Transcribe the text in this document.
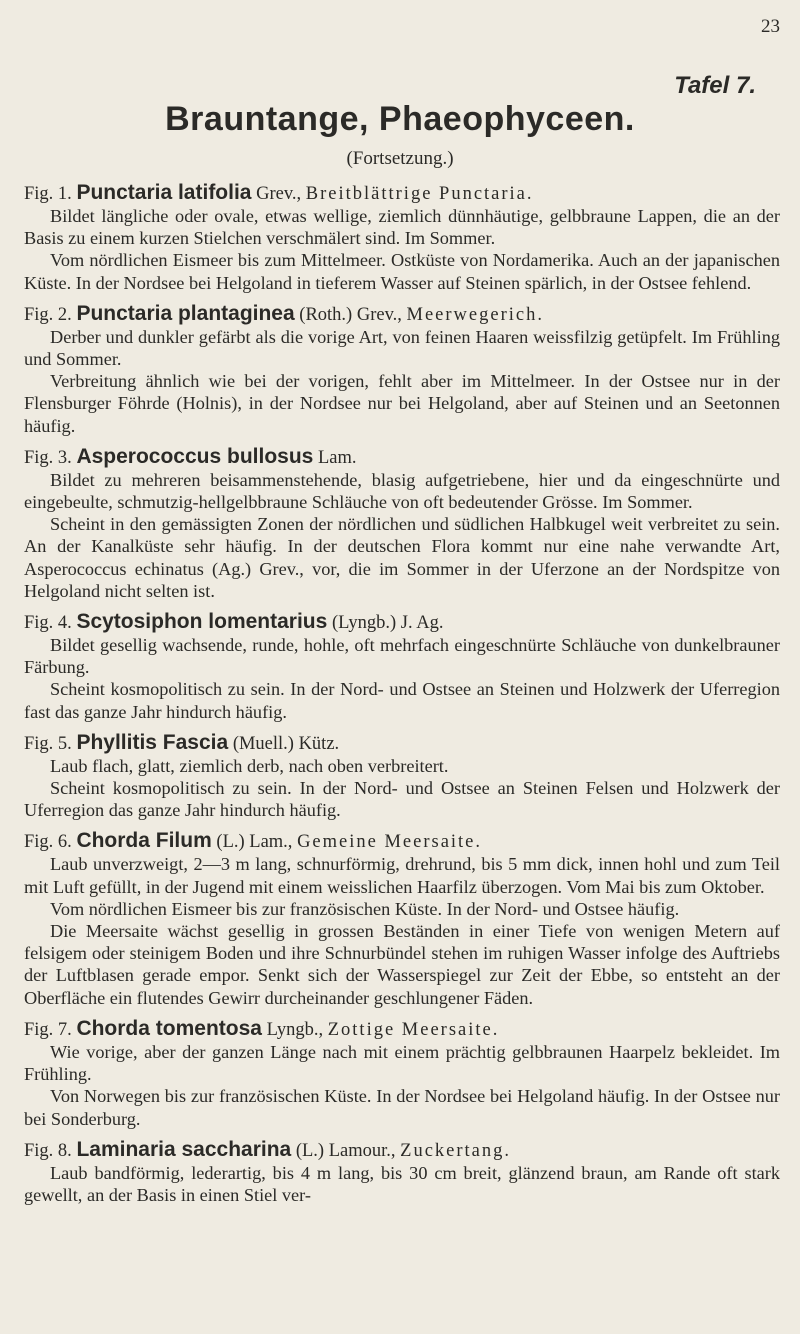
23
Tafel 7.
Brauntange, Phaeophyceen.
(Fortsetzung.)
Fig. 1. Punctaria latifolia Grev., Breitblättrige Punctaria.

Bildet längliche oder ovale, etwas wellige, ziemlich dünnhäutige, gelbbraune Lappen, die an der Basis zu einem kurzen Stielchen verschmälert sind. Im Sommer.

Vom nördlichen Eismeer bis zum Mittelmeer. Ostküste von Nordamerika. Auch an der japanischen Küste. In der Nordsee bei Helgoland in tieferem Wasser auf Steinen spärlich, in der Ostsee fehlend.

Fig. 2. Punctaria plantaginea (Roth.) Grev., Meerwegerich.

Derber und dunkler gefärbt als die vorige Art, von feinen Haaren weissfilzig getüpfelt. Im Frühling und Sommer.

Verbreitung ähnlich wie bei der vorigen, fehlt aber im Mittelmeer. In der Ostsee nur in der Flensburger Föhrde (Holnis), in der Nordsee nur bei Helgoland, aber auf Steinen und an Seetonnen häufig.

Fig. 3. Asperococcus bullosus Lam.

Bildet zu mehreren beisammenstehende, blasig aufgetriebene, hier und da eingeschnürte und eingebeulte, schmutzig-hellgelbbraune Schläuche von oft bedeutender Grösse. Im Sommer.

Scheint in den gemässigten Zonen der nördlichen und südlichen Halbkugel weit verbreitet zu sein. An der Kanalküste sehr häufig. In der deutschen Flora kommt nur eine nahe verwandte Art, Asperococcus echinatus (Ag.) Grev., vor, die im Sommer in der Uferzone an der Nordspitze von Helgoland nicht selten ist.

Fig. 4. Scytosiphon lomentarius (Lyngb.) J. Ag.

Bildet gesellig wachsende, runde, hohle, oft mehrfach eingeschnürte Schläuche von dunkelbrauner Färbung.

Scheint kosmopolitisch zu sein. In der Nord- und Ostsee an Steinen und Holzwerk der Uferregion fast das ganze Jahr hindurch häufig.

Fig. 5. Phyllitis Fascia (Muell.) Kütz.

Laub flach, glatt, ziemlich derb, nach oben verbreitert.

Scheint kosmopolitisch zu sein. In der Nord- und Ostsee an Steinen Felsen und Holzwerk der Uferregion das ganze Jahr hindurch häufig.

Fig. 6. Chorda Filum (L.) Lam., Gemeine Meersaite.

Laub unverzweigt, 2—3 m lang, schnurförmig, drehrund, bis 5 mm dick, innen hohl und zum Teil mit Luft gefüllt, in der Jugend mit einem weisslichen Haarfilz überzogen. Vom Mai bis zum Oktober.

Vom nördlichen Eismeer bis zur französischen Küste. In der Nord- und Ostsee häufig.

Die Meersaite wächst gesellig in grossen Beständen in einer Tiefe von wenigen Metern auf felsigem oder steinigem Boden und ihre Schnurbündel stehen im ruhigen Wasser infolge des Auftriebs der Luftblasen gerade empor. Senkt sich der Wasserspiegel zur Zeit der Ebbe, so entsteht an der Oberfläche ein flutendes Gewirr durcheinander geschlungener Fäden.

Fig. 7. Chorda tomentosa Lyngb., Zottige Meersaite.

Wie vorige, aber der ganzen Länge nach mit einem prächtig gelbbraunen Haarpelz bekleidet. Im Frühling.

Von Norwegen bis zur französischen Küste. In der Nordsee bei Helgoland häufig. In der Ostsee nur bei Sonderburg.

Fig. 8. Laminaria saccharina (L.) Lamour., Zuckertang.

Laub bandförmig, lederartig, bis 4 m lang, bis 30 cm breit, glänzend braun, am Rande oft stark gewellt, an der Basis in einen Stiel ver-
